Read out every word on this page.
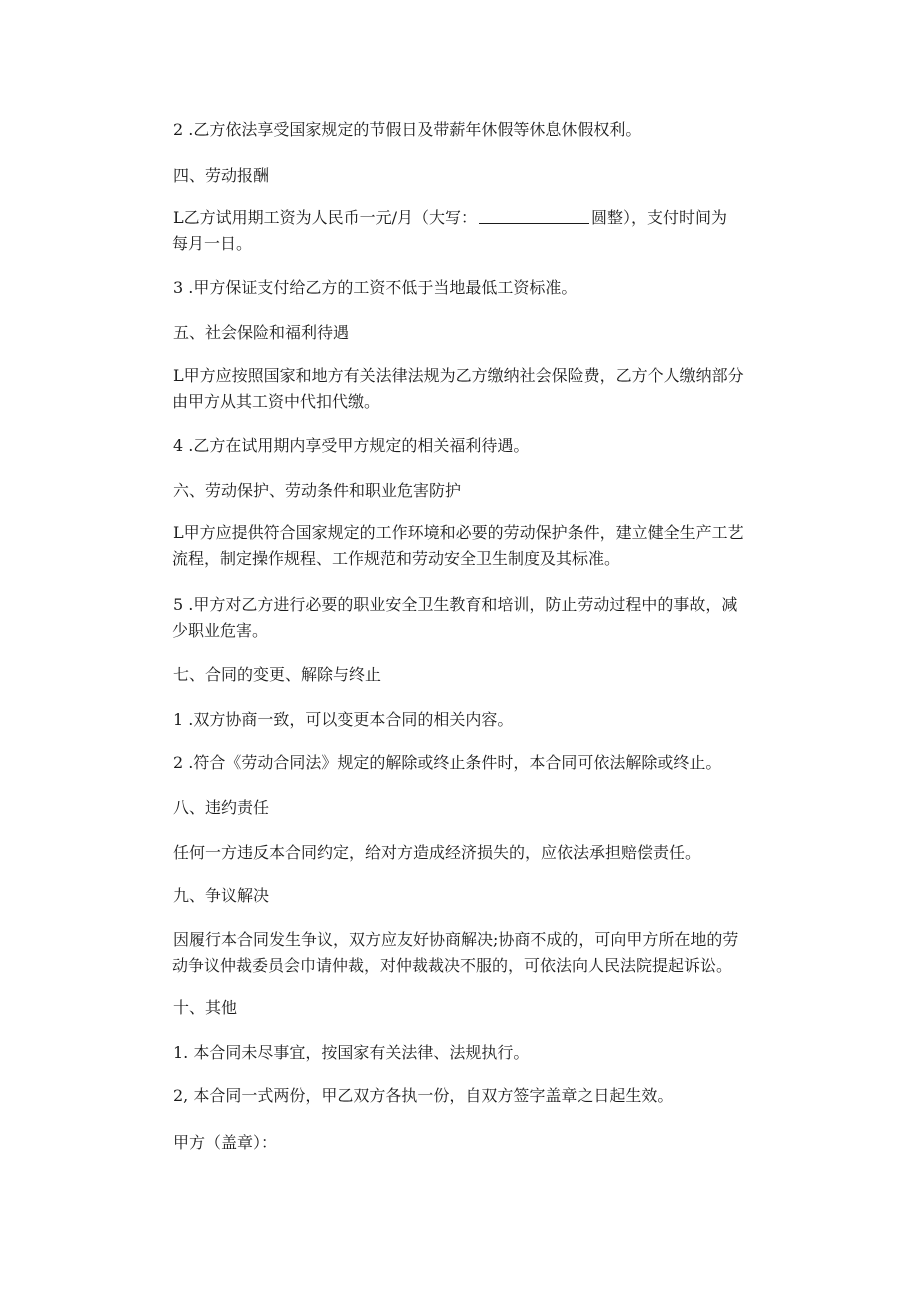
2 .乙方依法享受国家规定的节假日及带薪年休假等休息休假权利。
四、劳动报酬
L乙方试用期工资为人民币一元/月（大写：	圆整），支付时间为
每月一日。
3 .甲方保证支付给乙方的工资不低于当地最低工资标准。
五、社会保险和福利待遇
L甲方应按照国家和地方有关法律法规为乙方缴纳社会保险费，乙方个人缴纳部分
由甲方从其工资中代扣代缴。
4 .乙方在试用期内享受甲方规定的相关福利待遇。
六、劳动保护、劳动条件和职业危害防护
L甲方应提供符合国家规定的工作环境和必要的劳动保护条件，建立健全生产工艺
流程，制定操作规程、工作规范和劳动安全卫生制度及其标准。
5 .甲方对乙方进行必要的职业安全卫生教育和培训，防止劳动过程中的事故，减
少职业危害。
七、合同的变更、解除与终止
1 .双方协商一致，可以变更本合同的相关内容。
2 .符合《劳动合同法》规定的解除或终止条件时，本合同可依法解除或终止。
八、违约责任
任何一方违反本合同约定，给对方造成经济损失的，应依法承担赔偿责任。
九、争议解决
因履行本合同发生争议，双方应友好协商解决;协商不成的，可向甲方所在地的劳
动争议仲裁委员会巾请仲裁，对仲裁裁决不服的，可依法向人民法院提起诉讼。
十、其他
1. 本合同未尽事宜，按国家有关法律、法规执行。
2, 本合同一式两份，甲乙双方各执一份，自双方签字盖章之日起生效。
甲方（盖章）：
